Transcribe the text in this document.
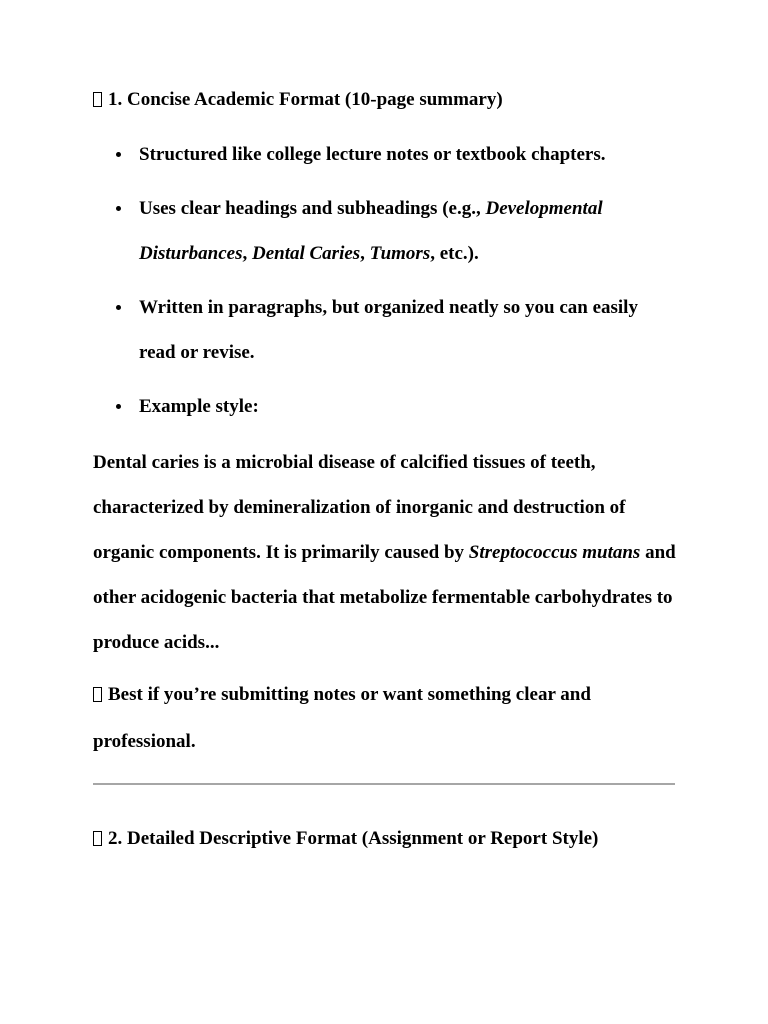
1. Concise Academic Format (10-page summary)
Structured like college lecture notes or textbook chapters.
Uses clear headings and subheadings (e.g., Developmental Disturbances, Dental Caries, Tumors, etc.).
Written in paragraphs, but organized neatly so you can easily read or revise.
Example style:

Dental caries is a microbial disease of calcified tissues of teeth, characterized by demineralization of inorganic and destruction of organic components. It is primarily caused by Streptococcus mutans and other acidogenic bacteria that metabolize fermentable carbohydrates to produce acids...

Best if you’re submitting notes or want something clear and professional.

2. Detailed Descriptive Format (Assignment or Report Style)
